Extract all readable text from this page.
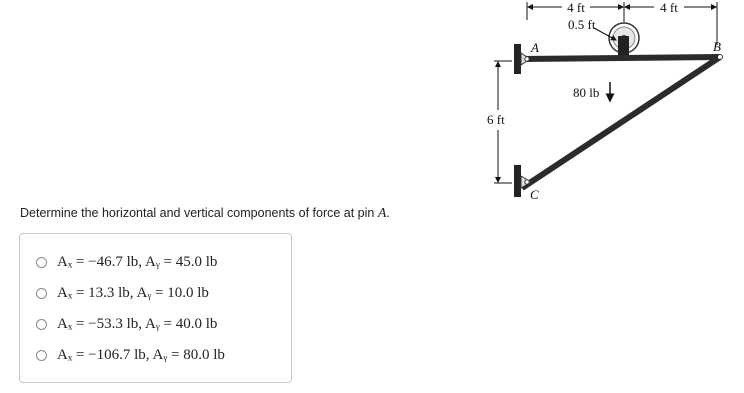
4 ft	4 ft
0.5 ft
A	B
C
80 lb
6 ft
Determine the horizontal and vertical components of force at pin A.
Aₓ = −46.7 lb, Aᵧ = 45.0 lb
Aₓ = 13.3 lb, Aᵧ = 10.0 lb
Aₓ = −53.3 lb, Aᵧ = 40.0 lb
Aₓ = −106.7 lb, Aᵧ = 80.0 lb
